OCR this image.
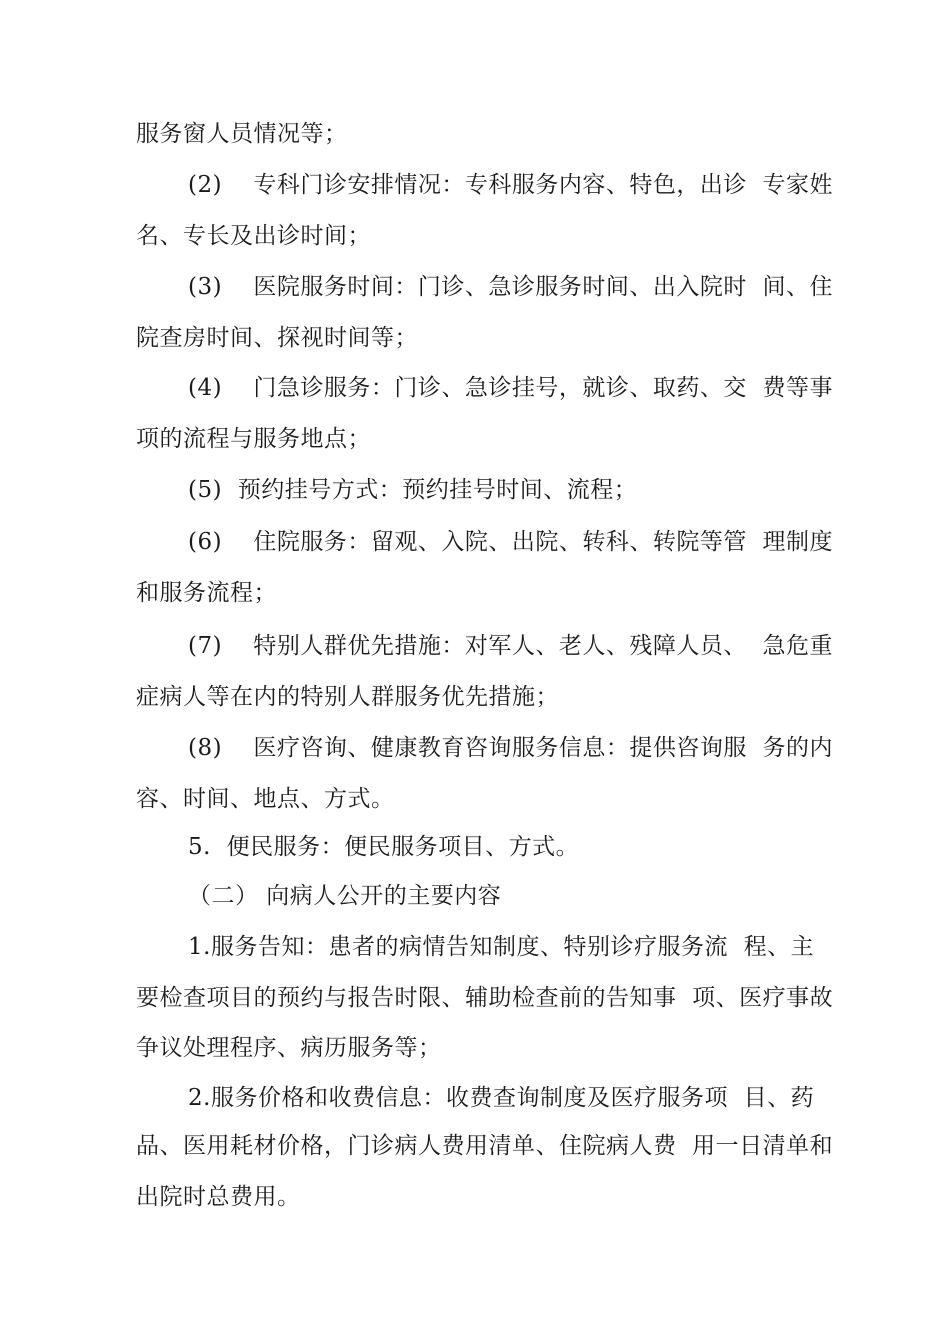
服务窗人员情况等；
(2)    专科门诊安排情况：专科服务内容、特色，出诊  专家姓
名、专长及出诊时间；
(3)    医院服务时间：门诊、急诊服务时间、出入院时  间、住
院查房时间、探视时间等；
(4)    门急诊服务：门诊、急诊挂号，就诊、取药、交  费等事
项的流程与服务地点；
(5)  预约挂号方式：预约挂号时间、流程；
(6)    住院服务：留观、入院、出院、转科、转院等管  理制度
和服务流程；
(7)    特别人群优先措施：对军人、老人、残障人员、  急危重
症病人等在内的特别人群服务优先措施；
(8)    医疗咨询、健康教育咨询服务信息：提供咨询服  务的内
容、时间、地点、方式。
5.  便民服务：便民服务项目、方式。
（二） 向病人公开的主要内容
1.服务告知：患者的病情告知制度、特别诊疗服务流  程、主
要检查项目的预约与报告时限、辅助检查前的告知事  项、医疗事故
争议处理程序、病历服务等；
2.服务价格和收费信息：收费查询制度及医疗服务项  目、药
品、医用耗材价格，门诊病人费用清单、住院病人费  用一日清单和
出院时总费用。
